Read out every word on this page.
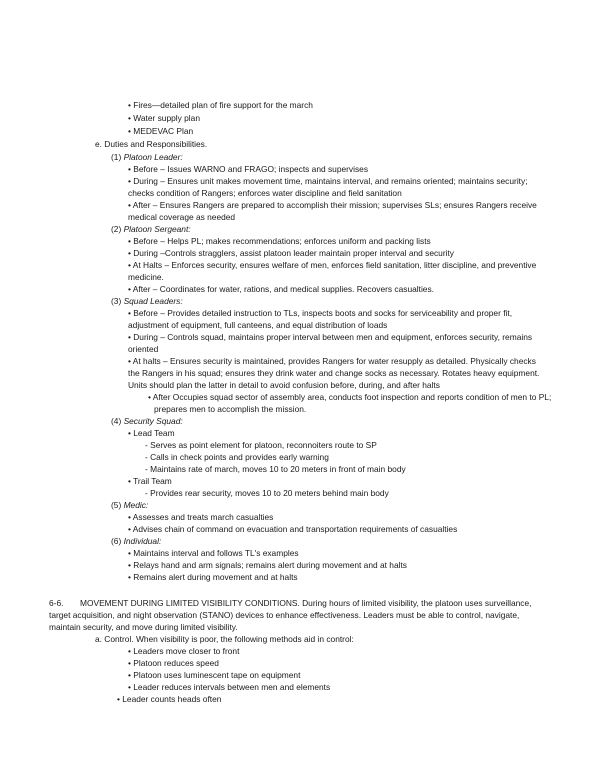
• Fires—detailed plan of fire support for the march
• Water supply plan
• MEDEVAC Plan
e. Duties and Responsibilities.
(1) Platoon Leader:
• Before – Issues WARNO and FRAGO; inspects and supervises
• During – Ensures unit makes movement time, maintains interval, and remains oriented; maintains security;
checks condition of Rangers; enforces water discipline and field sanitation
• After – Ensures Rangers are prepared to accomplish their mission; supervises SLs; ensures Rangers receive
medical coverage as needed
(2) Platoon Sergeant:
• Before – Helps PL; makes recommendations; enforces uniform and packing lists
• During –Controls stragglers, assist platoon leader maintain proper interval and security
• At Halts – Enforces security, ensures welfare of men, enforces field sanitation, litter discipline, and preventive
medicine.
• After – Coordinates for water, rations, and medical supplies. Recovers casualties.
(3) Squad Leaders:
• Before – Provides detailed instruction to TLs, inspects boots and socks for serviceability and proper fit,
adjustment of equipment, full canteens, and equal distribution of loads
• During – Controls squad, maintains proper interval between men and equipment, enforces security, remains
oriented
• At halts – Ensures security is maintained, provides Rangers for water resupply as detailed. Physically checks
the Rangers in his squad; ensures they drink water and change socks as necessary. Rotates heavy equipment.
Units should plan the latter in detail to avoid confusion before, during, and after halts
• After Occupies squad sector of assembly area, conducts foot inspection and reports condition of men to PL;
prepares men to accomplish the mission.
(4) Security Squad:
• Lead Team
- Serves as point element for platoon, reconnoiters route to SP
- Calls in check points and provides early warning
- Maintains rate of march, moves 10 to 20 meters in front of main body
• Trail Team
- Provides rear security, moves 10 to 20 meters behind main body
(5) Medic:
• Assesses and treats march casualties
• Advises chain of command on evacuation and transportation requirements of casualties
(6) Individual:
• Maintains interval and follows TL's examples
• Relays hand and arm signals; remains alert during movement and at halts
• Remains alert during movement and at halts
6-6. MOVEMENT DURING LIMITED VISIBILITY CONDITIONS. During hours of limited visibility, the platoon uses surveillance,
target acquisition, and night observation (STANO) devices to enhance effectiveness. Leaders must be able to control, navigate,
maintain security, and move during limited visibility.
a. Control. When visibility is poor, the following methods aid in control:
• Leaders move closer to front
• Platoon reduces speed
• Platoon uses luminescent tape on equipment
• Leader reduces intervals between men and elements
• Leader counts heads often
